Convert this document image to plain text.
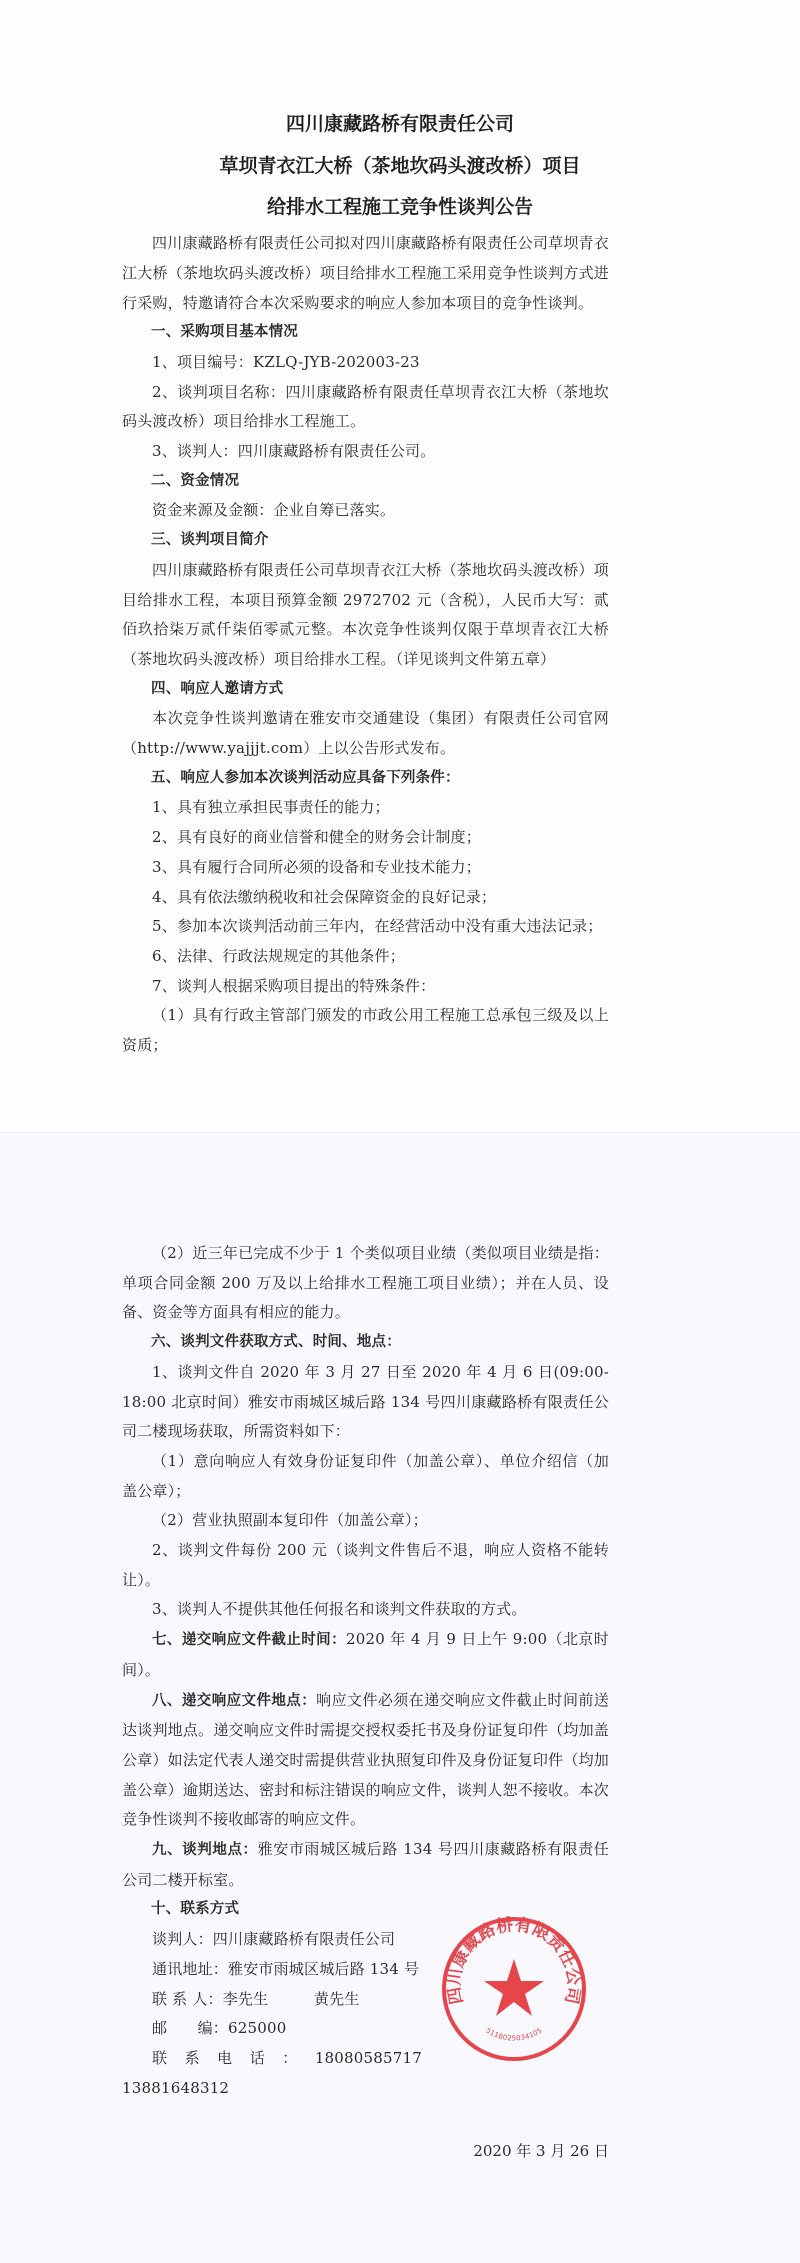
四川康藏路桥有限责任公司
草坝青衣江大桥（茶地坎码头渡改桥）项目
给排水工程施工竞争性谈判公告

四川康藏路桥有限责任公司拟对四川康藏路桥有限责任公司草坝青衣江大桥（茶地坎码头渡改桥）项目给排水工程施工采用竞争性谈判方式进行采购，特邀请符合本次采购要求的响应人参加本项目的竞争性谈判。

一、采购项目基本情况

1、项目编号：KZLQ-JYB-202003-23

2、谈判项目名称：四川康藏路桥有限责任草坝青衣江大桥（茶地坎码头渡改桥）项目给排水工程施工。

3、谈判人：四川康藏路桥有限责任公司。

二、资金情况

资金来源及金额：企业自筹已落实。

三、谈判项目简介

四川康藏路桥有限责任公司草坝青衣江大桥（茶地坎码头渡改桥）项目给排水工程，本项目预算金额 2972702 元（含税），人民币大写：贰佰玖拾柒万贰仟柒佰零贰元整。本次竞争性谈判仅限于草坝青衣江大桥（茶地坎码头渡改桥）项目给排水工程。（详见谈判文件第五章）

四、响应人邀请方式

本次竞争性谈判邀请在雅安市交通建设（集团）有限责任公司官网（http://www.yajjjt.com）上以公告形式发布。

五、响应人参加本次谈判活动应具备下列条件：

1、具有独立承担民事责任的能力；

2、具有良好的商业信誉和健全的财务会计制度；

3、具有履行合同所必须的设备和专业技术能力；

4、具有依法缴纳税收和社会保障资金的良好记录；

5、参加本次谈判活动前三年内，在经营活动中没有重大违法记录；

6、法律、行政法规规定的其他条件；

7、谈判人根据采购项目提出的特殊条件：

（1）具有行政主管部门颁发的市政公用工程施工总承包三级及以上资质；

（2）近三年已完成不少于 1 个类似项目业绩（类似项目业绩是指：单项合同金额 200 万及以上给排水工程施工项目业绩）；并在人员、设备、资金等方面具有相应的能力。

六、谈判文件获取方式、时间、地点：

1、谈判文件自 2020 年 3 月 27 日至 2020 年 4 月 6 日(09:00-18:00 北京时间）雅安市雨城区城后路 134 号四川康藏路桥有限责任公司二楼现场获取，所需资料如下：

（1）意向响应人有效身份证复印件（加盖公章）、单位介绍信（加盖公章）；

（2）营业执照副本复印件（加盖公章）；

2、谈判文件每份 200 元（谈判文件售后不退，响应人资格不能转让）。

3、谈判人不提供其他任何报名和谈判文件获取的方式。

七、递交响应文件截止时间：2020 年 4 月 9 日上午 9:00（北京时间）。

八、递交响应文件地点：响应文件必须在递交响应文件截止时间前送达谈判地点。递交响应文件时需提交授权委托书及身份证复印件（均加盖公章）如法定代表人递交时需提供营业执照复印件及身份证复印件（均加盖公章）逾期送达、密封和标注错误的响应文件，谈判人恕不接收。本次竞争性谈判不接收邮寄的响应文件。

九、谈判地点：雅安市雨城区城后路 134 号四川康藏路桥有限责任公司二楼开标室。

十、联系方式

谈判人：四川康藏路桥有限责任公司

通讯地址：雅安市雨城区城后路 134 号

联 系 人：李先生　　　黄先生

邮　　编：625000

联系电话：18080585717　　　13881648312

四川康藏路桥有限责任公司
5118025034105
2020 年 3 月 26 日
